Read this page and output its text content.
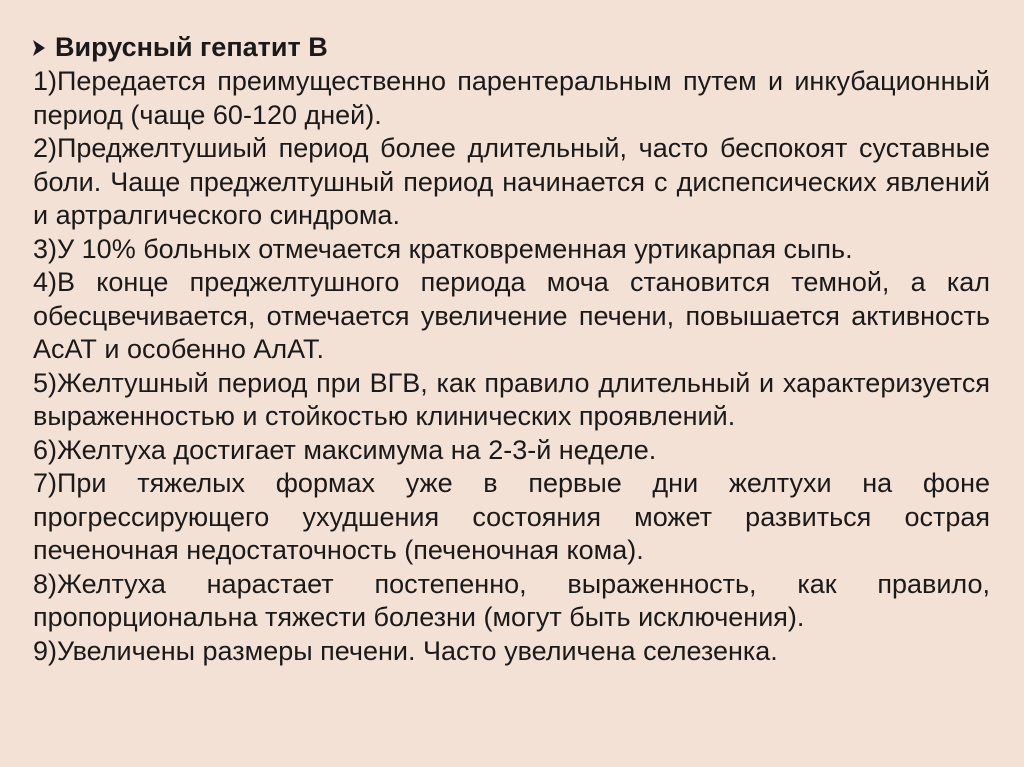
Вирусный гепатит В
1)Передается преимущественно парентеральным путем и инкубационный период (чаще 60-120 дней).
2)Преджелтушиый период более длительный, часто беспокоят суставные боли. Чаще преджелтушный период начинается с диспепсических явлений и артралгического синдрома.
3)У 10% больных отмечается кратковременная уртикарпая сыпь.
4)В конце преджелтушного периода моча становится темной, а кал обесцвечивается, отмечается увеличение печени, повышается активность АсАТ и особенно АлАТ.
5)Желтушный период при ВГВ, как правило длительный и характеризуется выраженностью и стойкостью клинических проявлений.
6)Желтуха достигает максимума на 2-3-й неделе.
7)При тяжелых формах уже в первые дни желтухи на фоне прогрессирующего ухудшения состояния может развиться острая печеночная недостаточность (печеночная кома).
8)Желтуха нарастает постепенно, выраженность, как правило, пропорциональна тяжести болезни (могут быть исключения).
9)Увеличены размеры печени. Часто увеличена селезенка.
